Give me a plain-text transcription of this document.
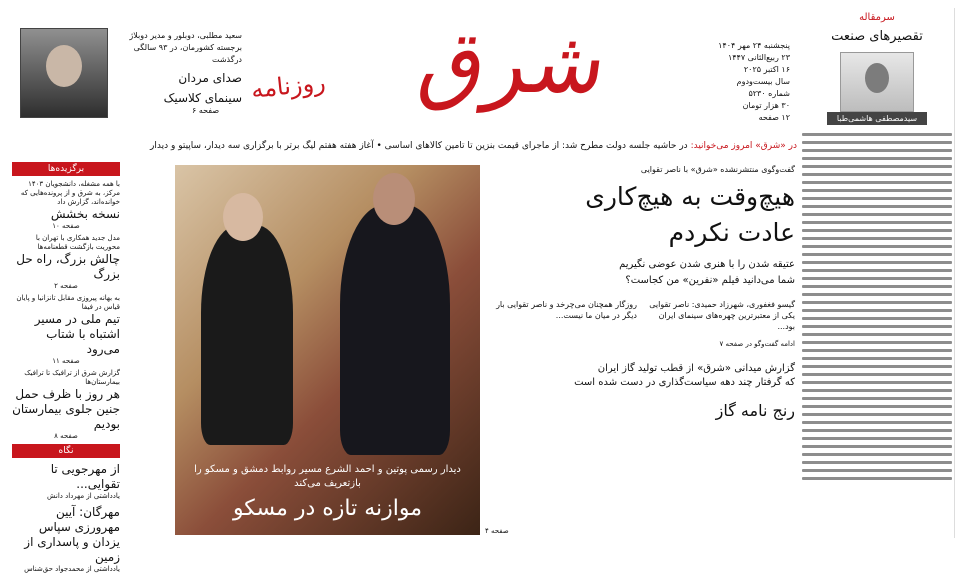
سرمقاله
تقصیرهای صنعت
سیدمصطفی هاشمی‌طبا
روزنامه	شرق	پنجشنبه ۲۴ مهر ۱۴۰۴
۲۳ ربیع‌الثانی ۱۴۴۷
۱۶ اکتبر ۲۰۲۵
سال بیست‌ودوم
شماره ۵۲۳۰
۳۰ هزار تومان
۱۲ صفحه
سعید مطلبی، دوبلور و مدیر دوبلاژ برجسته کشورمان، در ۹۳ سالگی درگذشت
صدای مردان
سینمای کلاسیک
صفحه ۶
در «شرق» امروز می‌خوانید: در حاشیه جلسه دولت مطرح شد: از ماجرای قیمت بنزین تا تامین کالاهای اساسی • آغاز هفته هفتم لیگ برتر با برگزاری سه دیدار، ساپیتو و دیدار
برگزیده‌ها
با همه مشغله، دانشجویان ۱۴۰۳ مرکز، به شرق و از پرونده‌هایی که خوانده‌اند، گزارش داد
نسخه بخشش
صفحه ۱۰
مدل جدید همکاری با تهران با محوریت بازگشت قطعنامه‌ها
چالش بزرگ، راه حل بزرگ
صفحه ۲
به بهانه پیروزی مقابل تانزانیا و پایان قیاس در فیفا
تیم ملی در مسیر اشتباه با شتاب می‌رود
صفحه ۱۱
گزارش شرق از ترافیک تا ترافیک بیمارستان‌ها
هر روز با ظرف حمل جنین جلوی بیمارستان بودیم
صفحه ۸
نگاه
از مهرجویی تا تقوایی...
یادداشتی از مهرداد دانش
مهرگان: آیین مهرورزی سپاس یزدان و پاسداری از زمین
یادداشتی از محمدجواد حق‌شناس
دیدار رسمی پوتین و احمد الشرع مسیر روابط دمشق و مسکو را بازتعریف می‌کند
موازنه تازه در مسکو
گفت‌وگوی منتشرنشده «شرق» با ناصر تقوایی
هیچ‌وقت به هیچ‌کاری
عادت نکردم
عتیقه شدن را با هنری شدن عوضی نگیریم
شما می‌دانید فیلم «نفرین» من کجاست؟
گیسو فغفوری، شهرزاد حمیدی: ناصر تقوایی یکی از معتبرترین چهره‌های سینمای ایران بود...
روزگار همچنان می‌چرخد و ناصر تقوایی بار دیگر در میان ما نیست...
ادامه گفت‌وگو در صفحه ۷
گزارش میدانی «شرق» از قطب تولید گاز ایران
که گرفتار چند دهه سیاست‌گذاری در دست شده است
رنج نامه گاز
صفحه ۴
